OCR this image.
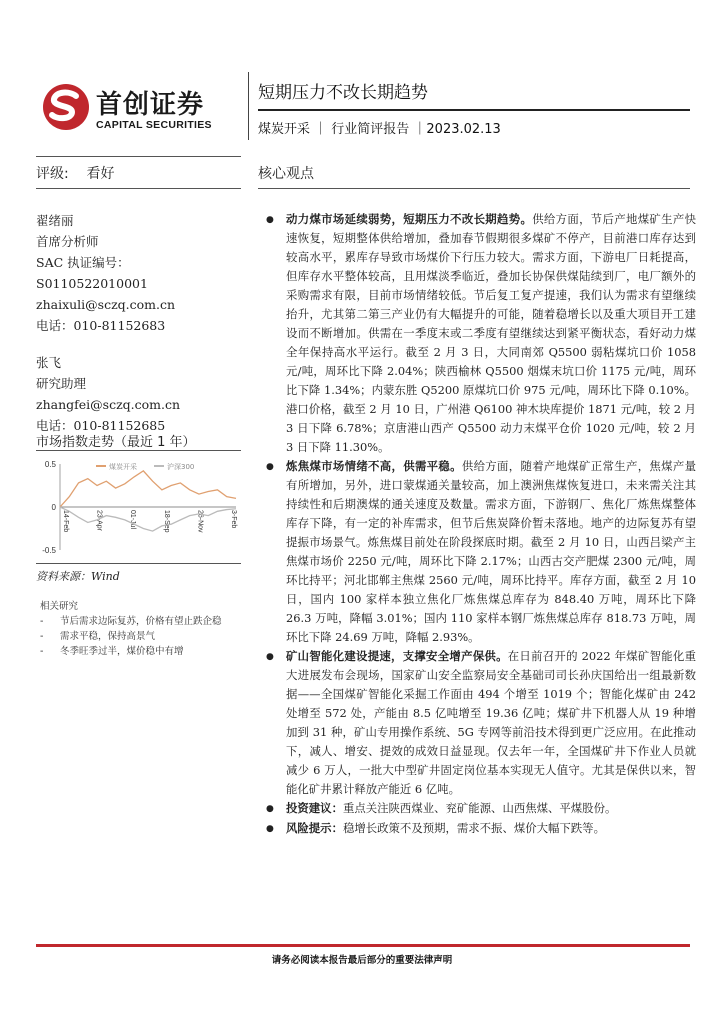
首创证券
CAPITAL SECURITIES
短期压力不改长期趋势
煤炭开采 ｜ 行业简评报告 ｜2023.02.13
评级: 看好	核心观点
翟绪丽
首席分析师
SAC 执证编号：
S0110522010001
zhaixuli@sczq.com.cn
电话：010-81152683
张飞
研究助理
zhangfei@sczq.com.cn
电话：010-81152685
市场指数走势（最近 1 年）
0.5
0
-0.5
14-Feb	23-Apr	01-Jul	18-Sep	26-Nov	3-Feb
煤炭开采	沪深300
资料来源：Wind
相关研究
-	节后需求边际复苏，价格有望止跌企稳
-	需求平稳，保持高景气
-	冬季旺季过半，煤价稳中有增
●	动力煤市场延续弱势，短期压力不改长期趋势。供给方面，节后产地煤矿生产快速恢复，短期整体供给增加，叠加春节假期很多煤矿不停产，目前港口库存达到较高水平，累库存导致市场煤价下行压力较大。需求方面，下游电厂日耗提高，但库存水平整体较高，且用煤淡季临近，叠加长协保供煤陆续到厂，电厂额外的采购需求有限，目前市场情绪较低。节后复工复产提速，我们认为需求有望继续抬升，尤其第二第三产业仍有大幅提升的可能，随着稳增长以及重大项目开工建设而不断增加。供需在一季度末或二季度有望继续达到紧平衡状态，看好动力煤全年保持高水平运行。截至 2 月 3 日，大同南郊 Q5500 弱粘煤坑口价 1058 元/吨，周环比下降 2.04%；陕西榆林 Q5500 烟煤末坑口价 1175 元/吨，周环比下降 1.34%；内蒙东胜 Q5200 原煤坑口价 975 元/吨，周环比下降 0.10%。港口价格，截至 2 月 10 日，广州港 Q6100 神木块库提价 1871 元/吨，较 2 月 3 日下降 6.78%；京唐港山西产 Q5500 动力末煤平仓价 1020 元/吨，较 2 月 3 日下降 11.30%。
●	炼焦煤市场情绪不高，供需平稳。供给方面，随着产地煤矿正常生产，焦煤产量有所增加，另外，进口蒙煤通关量较高，加上澳洲焦煤恢复进口，未来需关注其持续性和后期澳煤的通关速度及数量。需求方面，下游钢厂、焦化厂炼焦煤整体库存下降，有一定的补库需求，但节后焦炭降价暂未落地。地产的边际复苏有望提振市场景气。炼焦煤目前处在阶段探底时期。截至 2 月 10 日，山西吕梁产主焦煤市场价 2250 元/吨，周环比下降 2.17%；山西古交产肥煤 2300 元/吨，周环比持平；河北邯郸主焦煤 2560 元/吨，周环比持平。库存方面，截至 2 月 10 日，国内 100 家样本独立焦化厂炼焦煤总库存为 848.40 万吨，周环比下降 26.3 万吨，降幅 3.01%；国内 110 家样本钢厂炼焦煤总库存 818.73 万吨，周环比下降 24.69 万吨，降幅 2.93%。
●	矿山智能化建设提速，支撑安全增产保供。在日前召开的 2022 年煤矿智能化重大进展发布会现场，国家矿山安全监察局安全基础司司长孙庆国给出一组最新数据——全国煤矿智能化采掘工作面由 494 个增至 1019 个；智能化煤矿由 242 处增至 572 处，产能由 8.5 亿吨增至 19.36 亿吨；煤矿井下机器人从 19 种增加到 31 种，矿山专用操作系统、5G 专网等前沿技术得到更广泛应用。在此推动下，减人、增安、提效的成效日益显现。仅去年一年，全国煤矿井下作业人员就减少 6 万人，一批大中型矿井固定岗位基本实现无人值守。尤其是保供以来，智能化矿井累计释放产能近 6 亿吨。
●	投资建议：重点关注陕西煤业、兖矿能源、山西焦煤、平煤股份。
●	风险提示：稳增长政策不及预期，需求不振、煤价大幅下跌等。
请务必阅读本报告最后部分的重要法律声明
